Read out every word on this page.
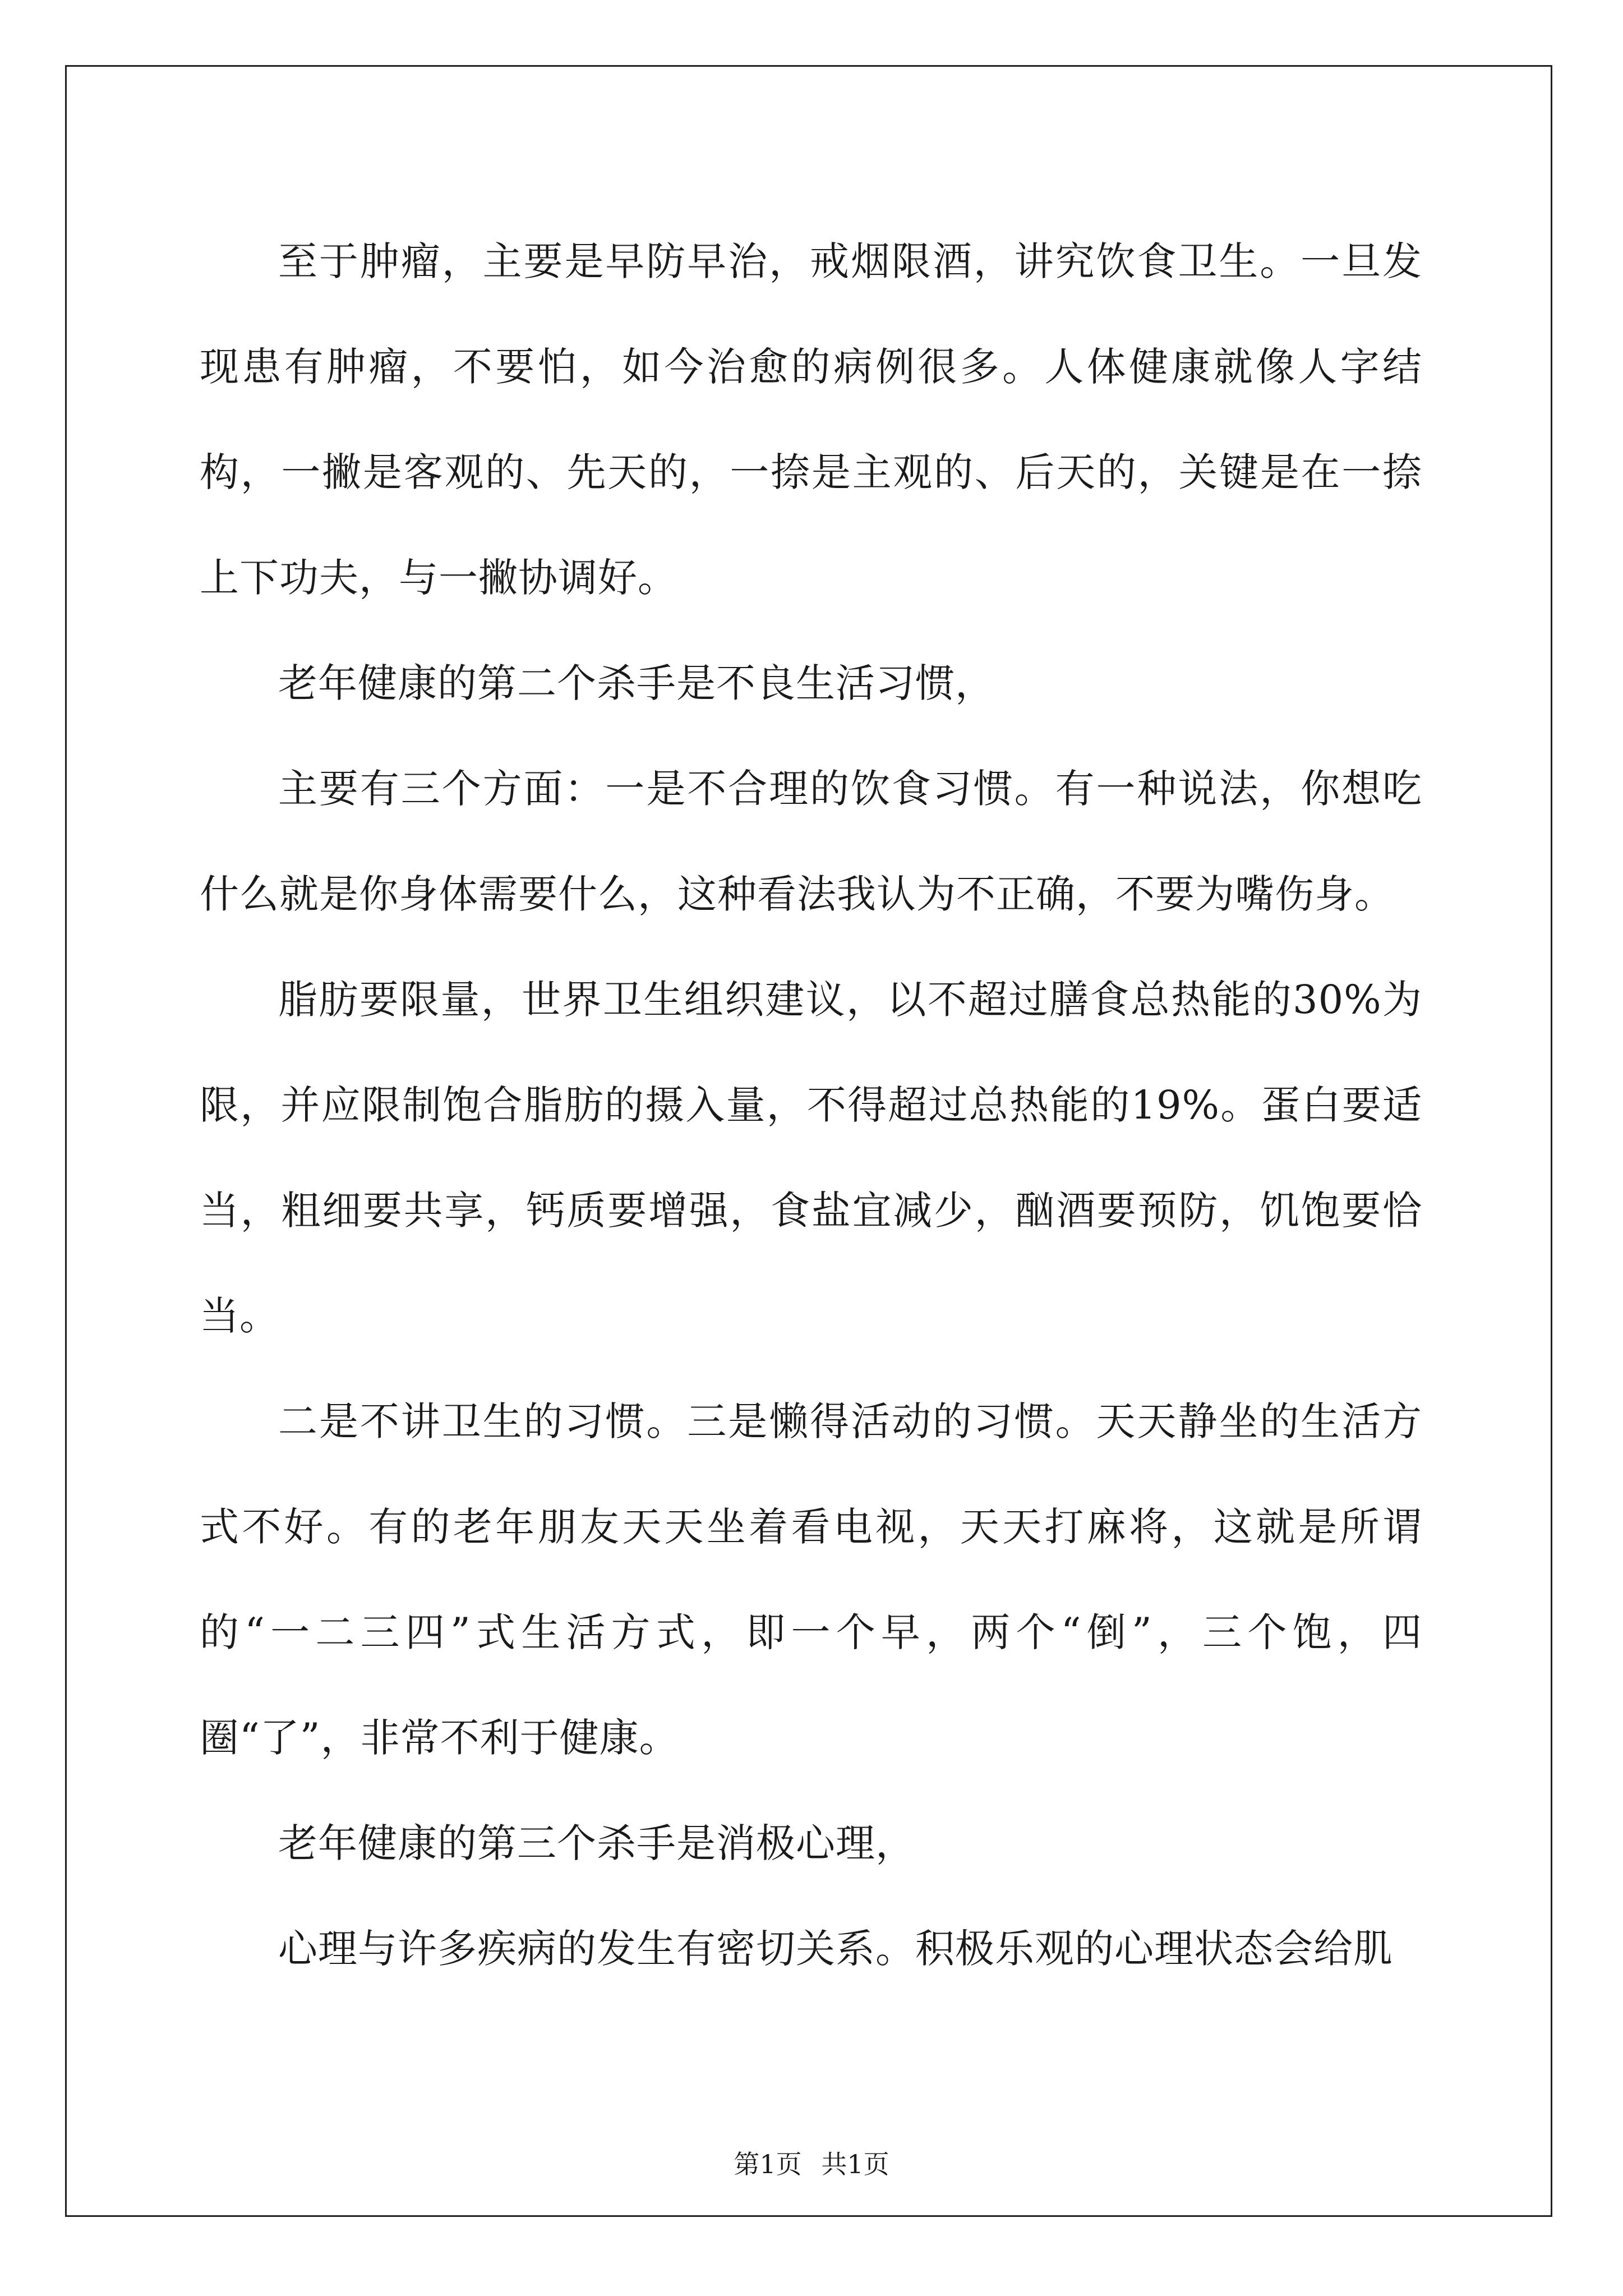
至于肿瘤，主要是早防早治，戒烟限酒，讲究饮食卫生。一旦发现患有肿瘤，不要怕，如今治愈的病例很多。人体健康就像人字结构，一撇是客观的、先天的，一捺是主观的、后天的，关键是在一捺上下功夫，与一撇协调好。

老年健康的第二个杀手是不良生活习惯，

主要有三个方面：一是不合理的饮食习惯。有一种说法，你想吃什么就是你身体需要什么，这种看法我认为不正确，不要为嘴伤身。

脂肪要限量，世界卫生组织建议，以不超过膳食总热能的30%为限，并应限制饱合脂肪的摄入量，不得超过总热能的19%。蛋白要适当，粗细要共享，钙质要增强，食盐宜减少，酗酒要预防，饥饱要恰当。

二是不讲卫生的习惯。三是懒得活动的习惯。天天静坐的生活方式不好。有的老年朋友天天坐着看电视，天天打麻将，这就是所谓的“一二三四”式生活方式，即一个早，两个“倒”，三个饱，四圈“了”，非常不利于健康。

老年健康的第三个杀手是消极心理，

心理与许多疾病的发生有密切关系。积极乐观的心理状态会给肌

第1页 共1页
